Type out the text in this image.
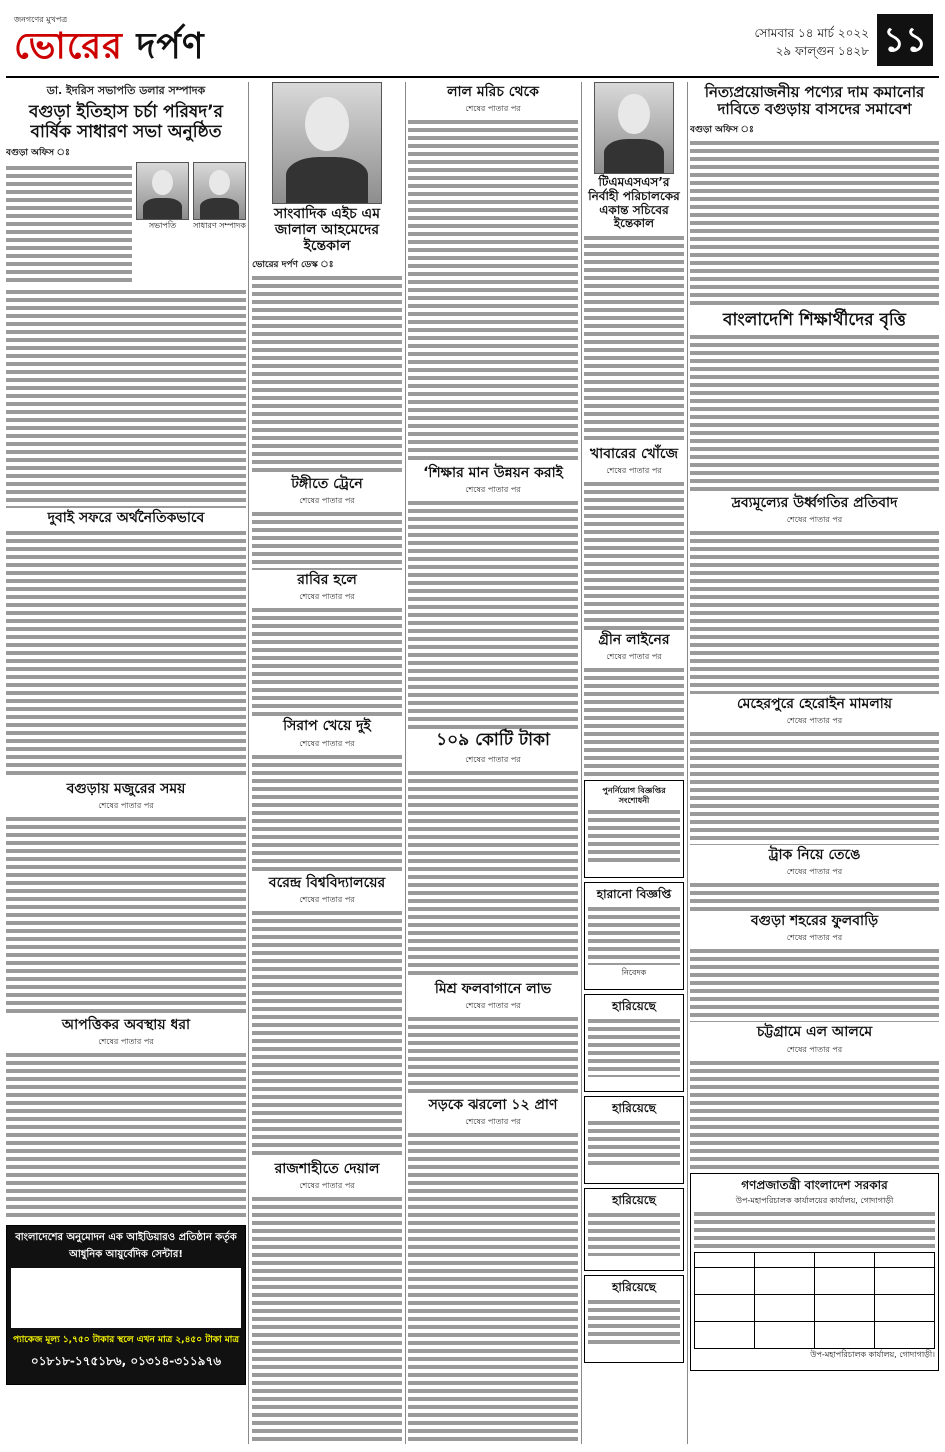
জনগণের মুখপত্র
ভোরের দর্পণ	সোমবার ১৪ মার্চ ২০২২
২৯ ফাল্গুন ১৪২৮ ১১
ডা. ইদরিস সভাপতি ডলার সম্পাদক
বগুড়া ইতিহাস চর্চা পরিষদ’র বার্ষিক সাধারণ সভা অনুষ্ঠিত
বগুড়া অফিস ঃ
সভাপতি	সাধারণ সম্পাদক
দুবাই সফরে অর্থনৈতিকভাবে
বগুড়ায় মজুরের সময়
শেষের পাতার পর
আপত্তিকর অবস্থায় ধরা
শেষের পাতার পর
বাংলাদেশের অনুমোদন এক আইডিয়ারও প্রতিষ্ঠান কর্তৃক আধুনিক আয়ুর্বেদিক সেন্টার!
প্যাকেজ মূল্য ১,৭৫০ টাকার স্থলে এখন মাত্র ২,৪৫০ টাকা মাত্র
০১৮১৮-১৭৫১৮৬, ০১৩১৪-৩১১৯৭৬
সাংবাদিক এইচ এম জালাল আহমেদের ইন্তেকাল
ভোরের দর্পণ ডেস্ক ঃ
টঙ্গীতে ট্রেনে
শেষের পাতার পর
রাবির হলে
শেষের পাতার পর
সিরাপ খেয়ে দুই
শেষের পাতার পর
বরেন্দ্র বিশ্ববিদ্যালয়ের
শেষের পাতার পর
রাজশাহীতে দেয়াল
শেষের পাতার পর
লাল মরিচ থেকে
শেষের পাতার পর
‘শিক্ষার মান উন্নয়ন করাই
শেষের পাতার পর
১০৯ কোটি টাকা
শেষের পাতার পর
মিশ্র ফলবাগানে লাভ
শেষের পাতার পর
সড়কে ঝরলো ১২ প্রাণ
শেষের পাতার পর
টিএমএসএস’র নির্বাহী পরিচালকের একান্ত সচিবের ইন্তেকাল
খাবারের খোঁজে
শেষের পাতার পর
গ্রীন লাইনের
শেষের পাতার পর
পুনর্নিয়োগ বিজ্ঞপ্তির সংশোধনী
হারানো বিজ্ঞপ্তি
নিবেদক
হারিয়েছে
হারিয়েছে
হারিয়েছে
হারিয়েছে
নিত্যপ্রয়োজনীয় পণ্যের দাম কমানোর দাবিতে বগুড়ায় বাসদের সমাবেশ
বগুড়া অফিস ঃ
বাংলাদেশি শিক্ষার্থীদের বৃত্তি
দ্রব্যমূল্যের উর্ধ্বগতির প্রতিবাদ
শেষের পাতার পর
মেহেরপুরে হেরোইন মামলায়
শেষের পাতার পর
ট্রাক নিয়ে তেঙে
শেষের পাতার পর
বগুড়া শহরের ফুলবাড়ি
শেষের পাতার পর
চট্টগ্রামে এল আলমে
শেষের পাতার পর
গণপ্রজাতন্ত্রী বাংলাদেশ সরকার
উপ-মহাপরিচালক কার্যালয়ের কার্যালয়, গোদাগাড়ী

উপ-মহাপরিচালক কার্যালয়, গোদাগাড়ী।
